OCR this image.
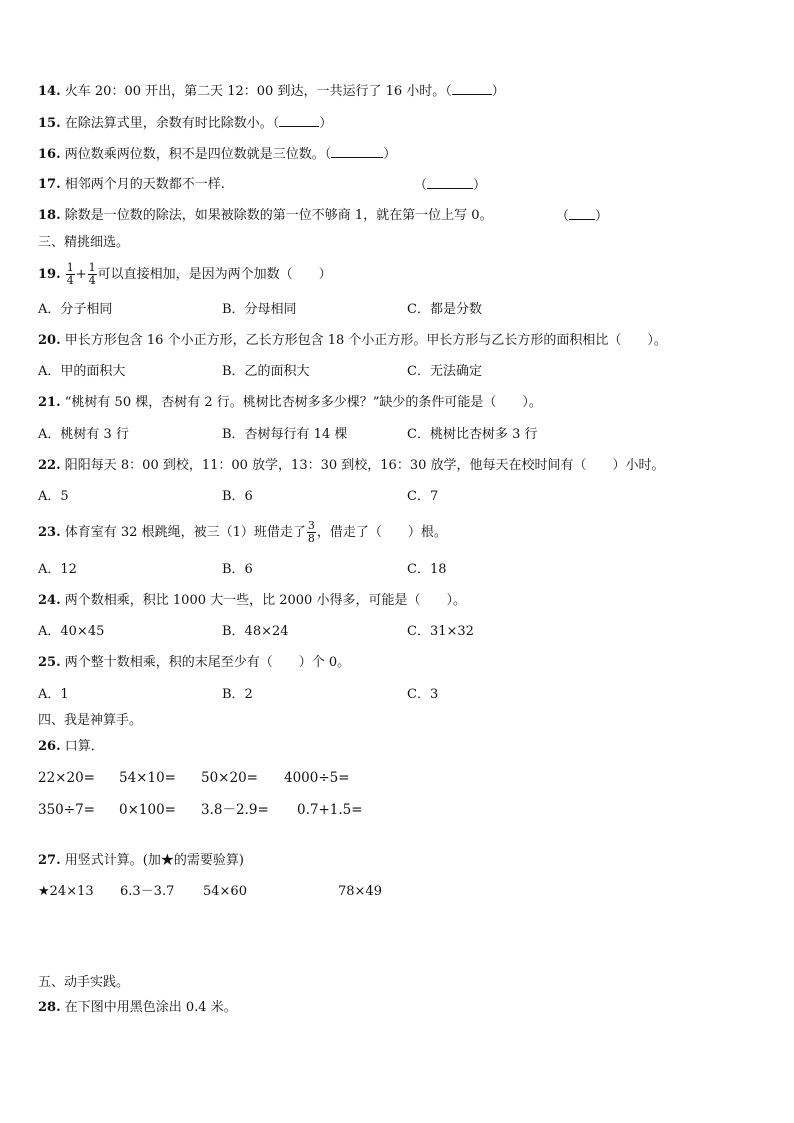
14. 火车 20：00 开出，第二天 12：00 到达，一共运行了 16 小时。（	）
15. 在除法算式里，余数有时比除数小。（	）
16. 两位数乘两位数，积不是四位数就是三位数。（	）
17. 相邻两个月的天数都不一样.	（	）
18. 除数是一位数的除法，如果被除数的第一位不够商 1，就在第一位上写 0。	（ ）
三、精挑细选。
19. $\frac{1}{4} + \frac{1}{4}$ 可以直接相加，是因为两个加数（　　）
A．分子相同	B．分母相同	C．都是分数
20. 甲长方形包含 16 个小正方形，乙长方形包含 18 个小正方形。甲长方形与乙长方形的面积相比（　　）。
A．甲的面积大	B．乙的面积大	C．无法确定
21. “桃树有 50 棵，杏树有 2 行。桃树比杏树多多少棵？”缺少的条件可能是（　　）。
A．桃树有 3 行	B．杏树每行有 14 棵	C．桃树比杏树多 3 行
22. 阳阳每天 8：00 到校，11：00 放学，13：30 到校，16：30 放学，他每天在校时间有（　　）小时。
A．5	B．6	C．7
23. 体育室有 32 根跳绳，被三（1）班借走了 $\frac{3}{8}$ ，借走了（　　）根。
A．12	B．6	C．18
24. 两个数相乘，积比 1000 大一些，比 2000 小得多，可能是（　　）。
A．40×45	B．48×24	C．31×32
25. 两个整十数相乘，积的末尾至少有（　　）个 0。
A．1	B．2	C．3
四、我是神算手。
26. 口算．
22×20= 54×10= 50×20= 4000÷5=
350÷7= 0×100= 3.8－2.9= 0.7+1.5=
27. 用竖式计算。(加★的需要验算)
★24×13 6.3－3.7 54×60	78×49
五、动手实践。
28. 在下图中用黑色涂出 0.4 米。
